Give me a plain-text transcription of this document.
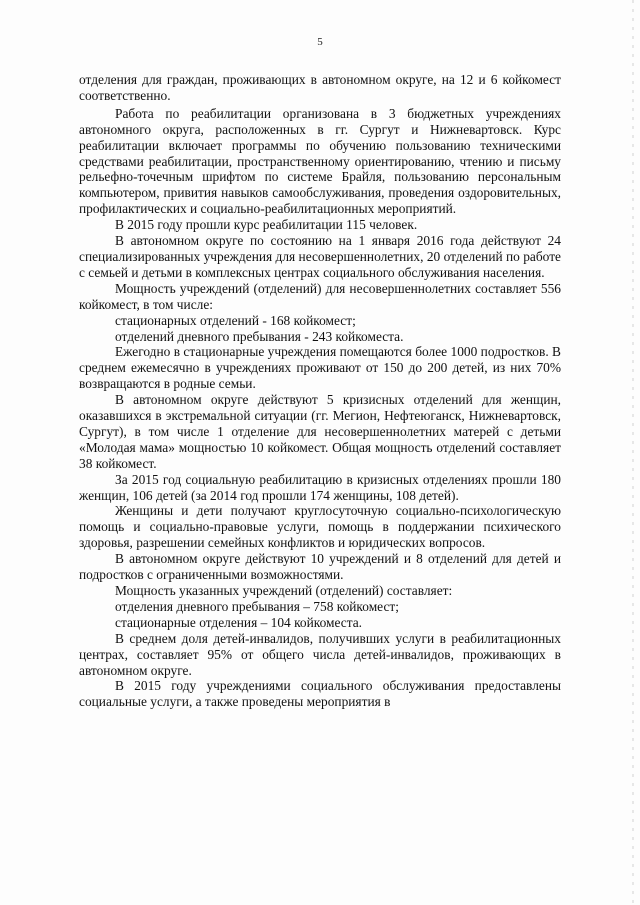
5

отделения для граждан, проживающих в автономном округе, на 12 и 6 койкомест соответственно.

Работа по реабилитации организована в 3 бюджетных учреждениях автономного округа, расположенных в гг. Сургут и Нижневартовск. Курс реабилитации включает программы по обучению пользованию техническими средствами реабилитации, пространственному ориентированию, чтению и письму рельефно-точечным шрифтом по системе Брайля, пользованию персональным компьютером, привития навыков самообслуживания, проведения оздоровительных, профилактических и социально-реабилитационных мероприятий.

В 2015 году прошли курс реабилитации 115 человек.

В автономном округе по состоянию на 1 января 2016 года действуют 24 специализированных учреждения для несовершеннолетних, 20 отделений по работе с семьей и детьми в комплексных центрах социального обслуживания населения.

Мощность учреждений (отделений) для несовершеннолетних составляет 556 койкомест, в том числе:

стационарных отделений - 168 койкомест;

отделений дневного пребывания - 243 койкоместа.

Ежегодно в стационарные учреждения помещаются более 1000 подростков. В среднем ежемесячно в учреждениях проживают от 150 до 200 детей, из них 70% возвращаются в родные семьи.

В автономном округе действуют 5 кризисных отделений для женщин, оказавшихся в экстремальной ситуации (гг. Мегион, Нефтеюганск, Нижневартовск, Сургут), в том числе 1 отделение для несовершеннолетних матерей с детьми «Молодая мама» мощностью 10 койкомест. Общая мощность отделений составляет 38 койкомест.

За 2015 год социальную реабилитацию в кризисных отделениях прошли 180 женщин, 106 детей (за 2014 год прошли 174 женщины, 108 детей).

Женщины и дети получают круглосуточную социально-психологическую помощь и социально-правовые услуги, помощь в поддержании психического здоровья, разрешении семейных конфликтов и юридических вопросов.

В автономном округе действуют 10 учреждений и 8 отделений для детей и подростков с ограниченными возможностями.

Мощность указанных учреждений (отделений) составляет:

отделения дневного пребывания – 758 койкомест;

стационарные отделения – 104 койкоместа.

В среднем доля детей-инвалидов, получивших услуги в реабилитационных центрах, составляет 95% от общего числа детей-инвалидов, проживающих в автономном округе.

В 2015 году учреждениями социального обслуживания предоставлены социальные услуги, а также проведены мероприятия в
